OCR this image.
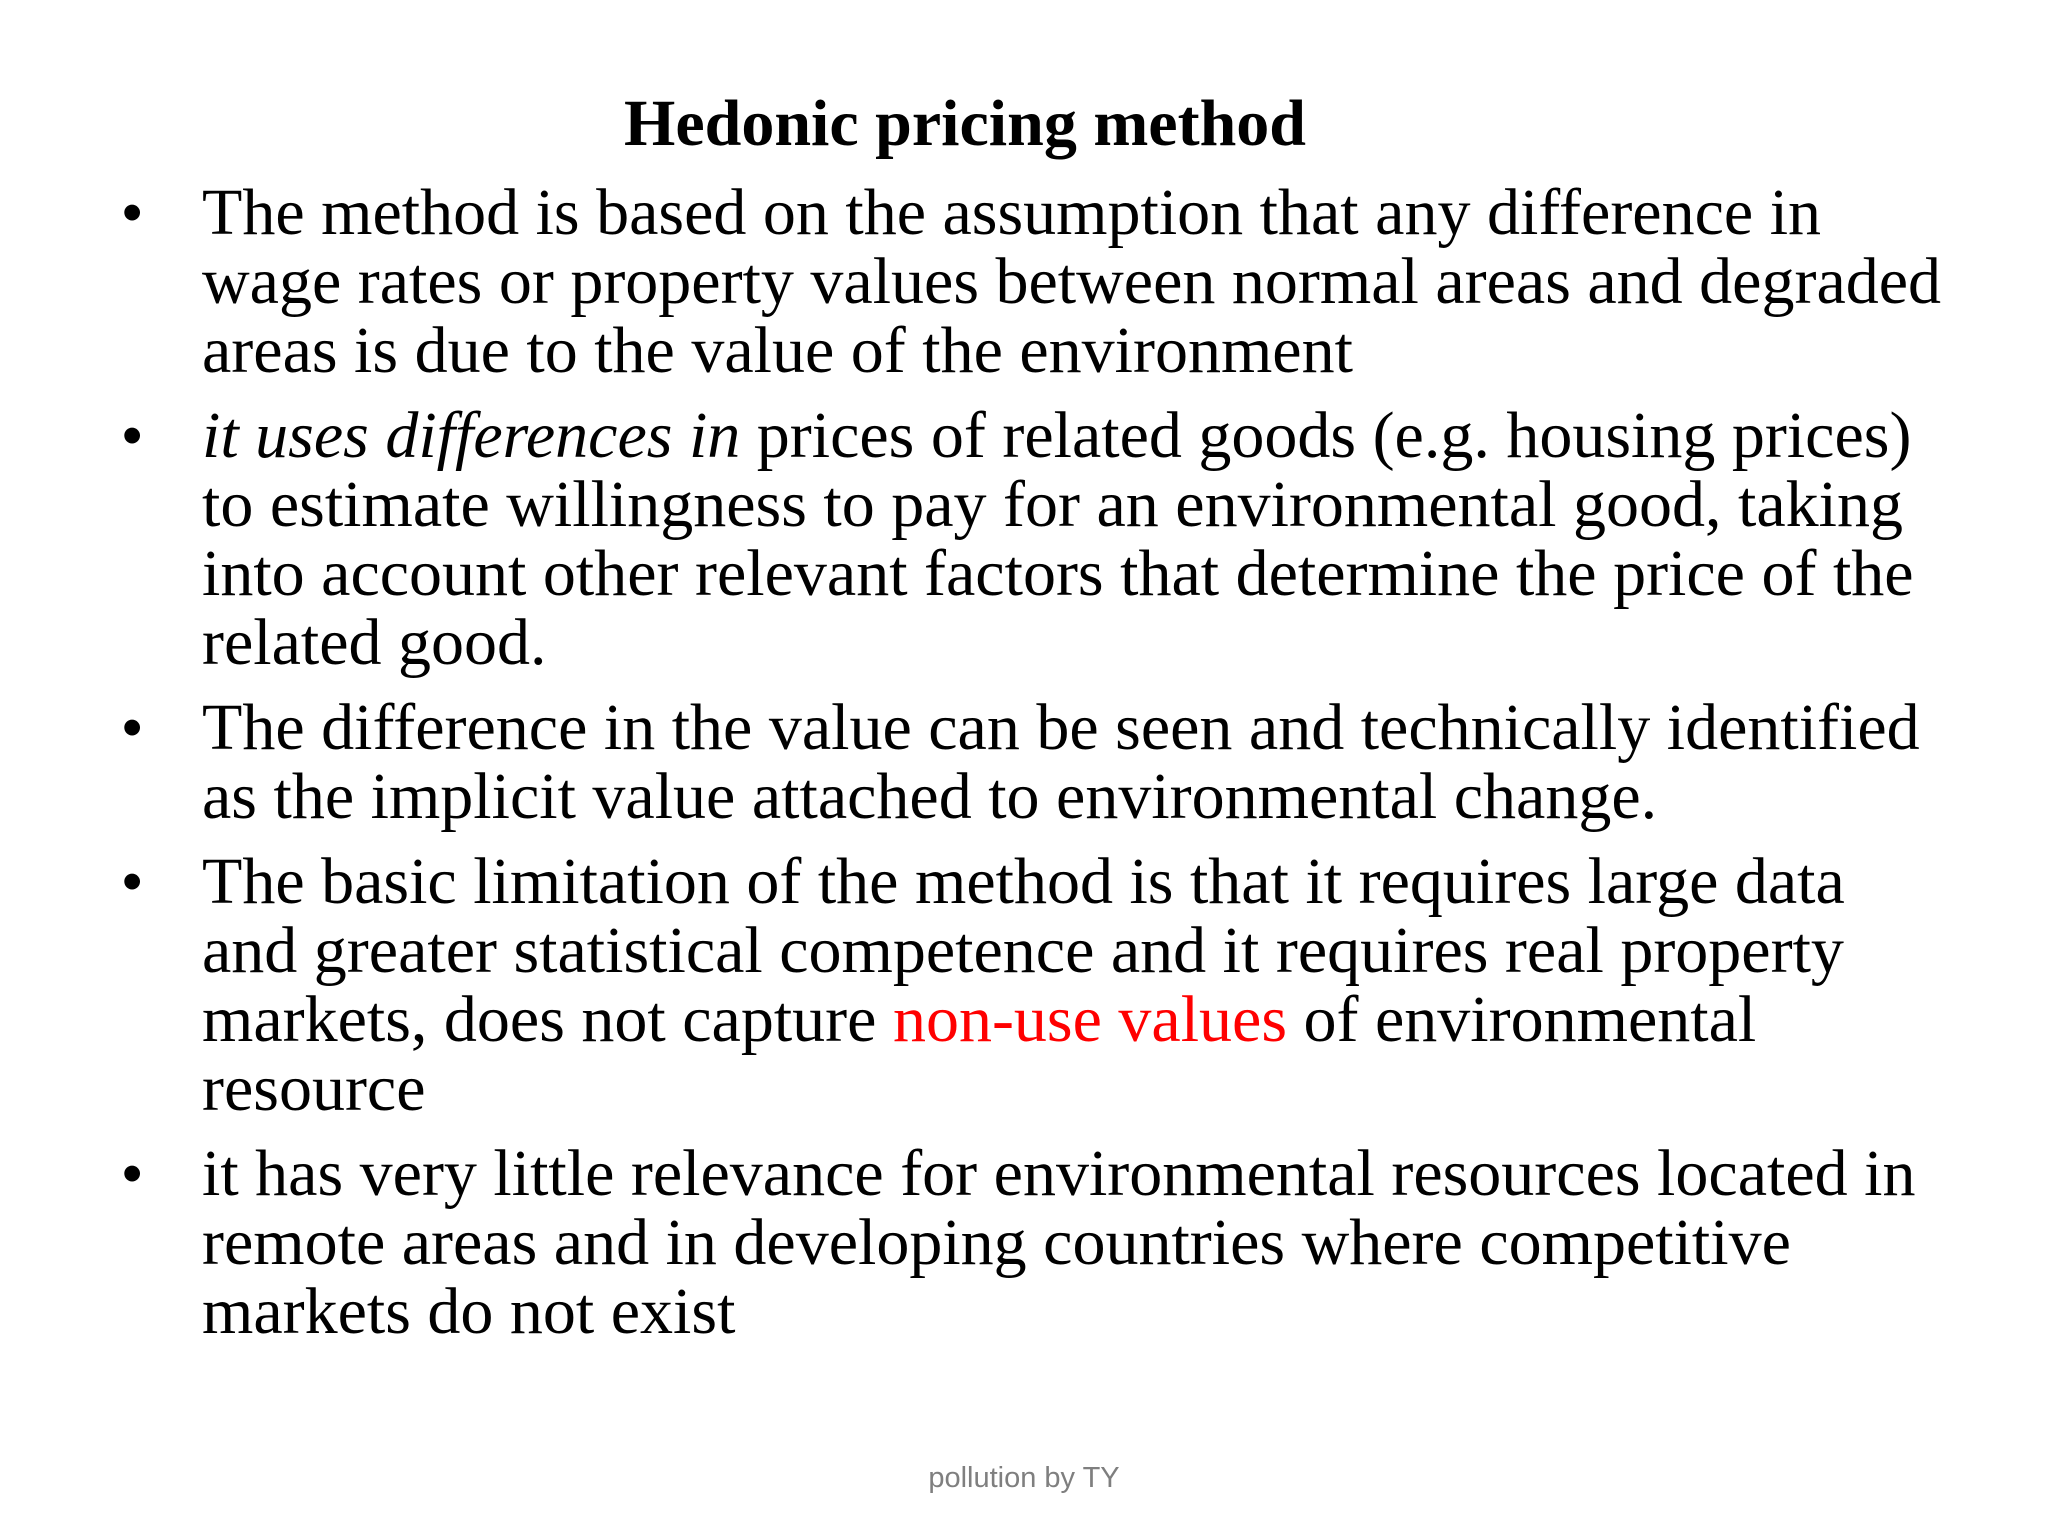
Hedonic pricing method
• The method is based on the assumption that any difference in wage rates or property values between normal areas and degraded areas is due to the value of the environment
• it uses differences in prices of related goods (e.g. housing prices) to estimate willingness to pay for an environmental good, taking into account other relevant factors that determine the price of the related good.
• The difference in the value can be seen and technically identified as the implicit value attached to environmental change.
• The basic limitation of the method is that it requires large data and greater statistical competence and it requires real property markets, does not capture non-use values of environmental resource
• it has very little relevance for environmental resources located in remote areas and in developing countries where competitive markets do not exist
pollution by TY
